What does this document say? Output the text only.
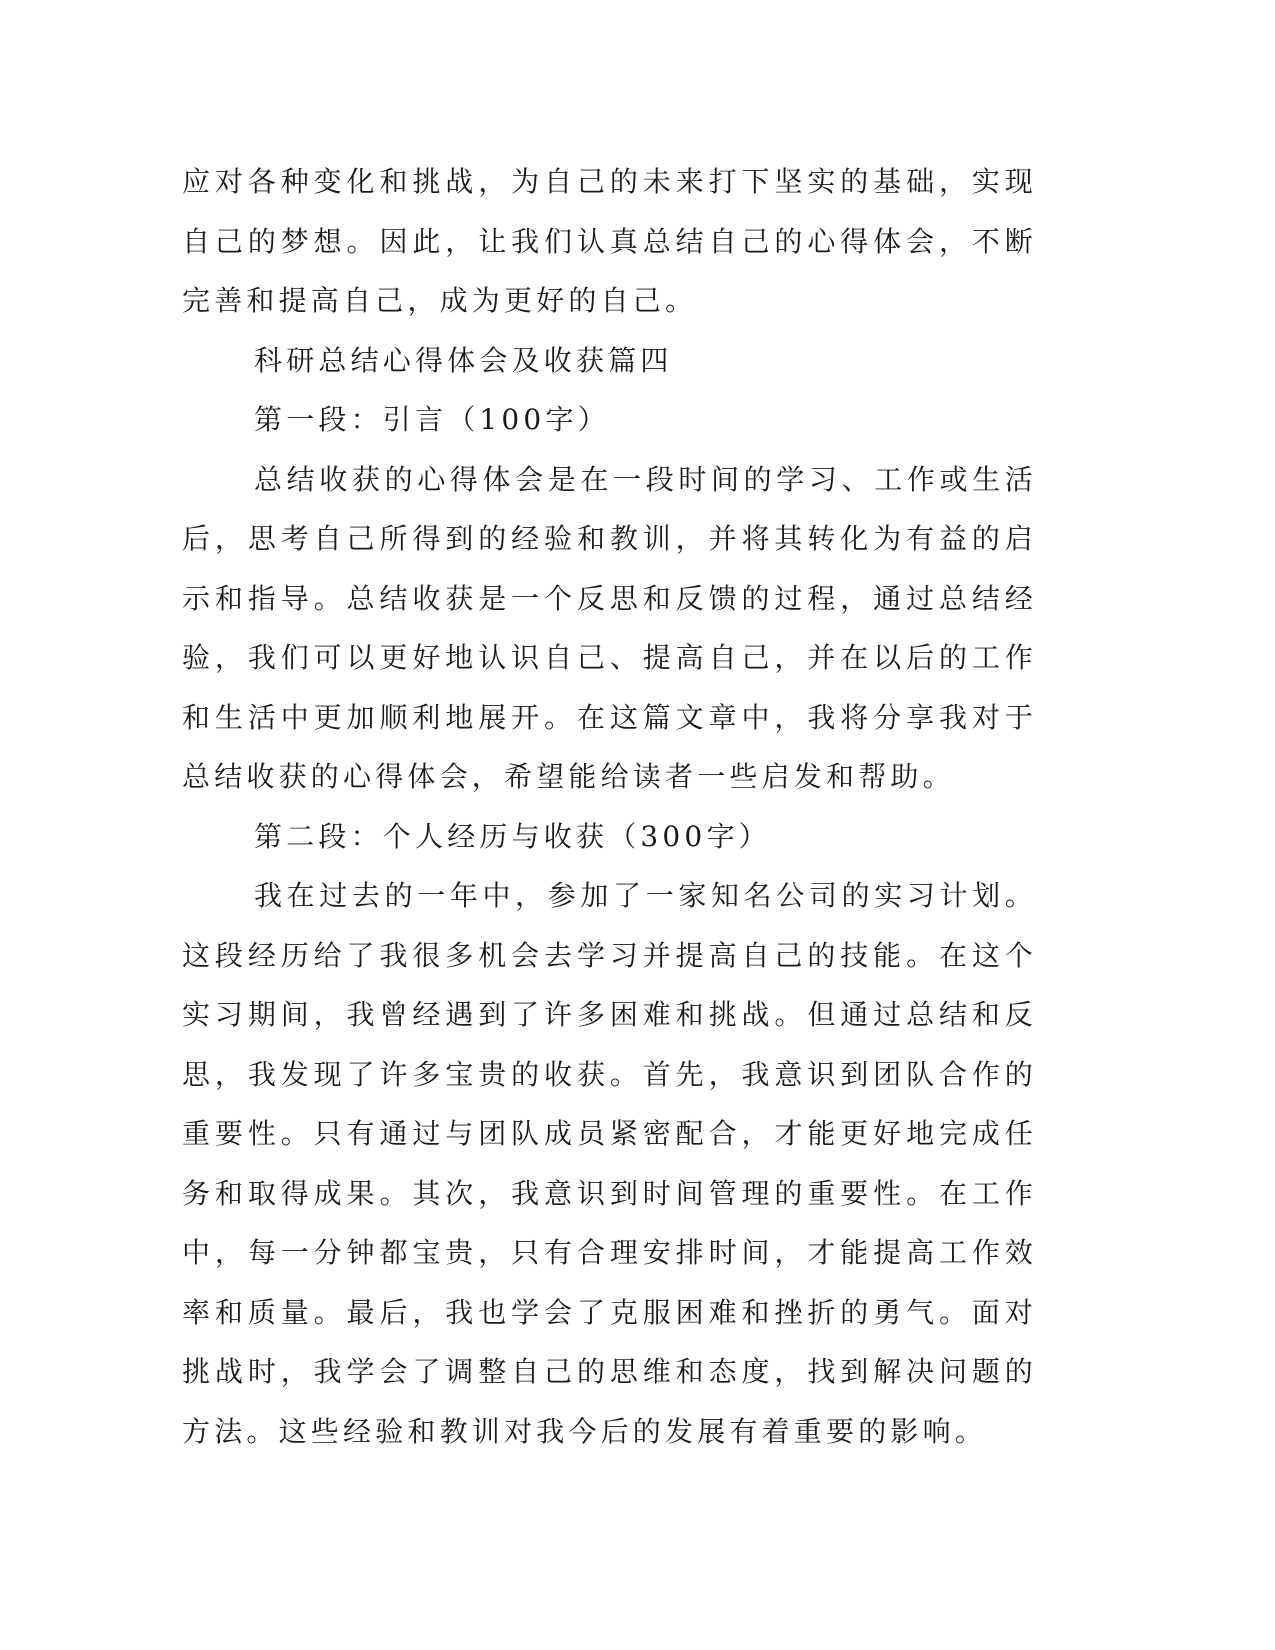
应对各种变化和挑战，为自己的未来打下坚实的基础，实现自己的梦想。因此，让我们认真总结自己的心得体会，不断完善和提高自己，成为更好的自己。

科研总结心得体会及收获篇四

第一段：引言（100字）

总结收获的心得体会是在一段时间的学习、工作或生活后，思考自己所得到的经验和教训，并将其转化为有益的启示和指导。总结收获是一个反思和反馈的过程，通过总结经验，我们可以更好地认识自己、提高自己，并在以后的工作和生活中更加顺利地展开。在这篇文章中，我将分享我对于总结收获的心得体会，希望能给读者一些启发和帮助。

第二段：个人经历与收获（300字）

我在过去的一年中，参加了一家知名公司的实习计划。这段经历给了我很多机会去学习并提高自己的技能。在这个实习期间，我曾经遇到了许多困难和挑战。但通过总结和反思，我发现了许多宝贵的收获。首先，我意识到团队合作的重要性。只有通过与团队成员紧密配合，才能更好地完成任务和取得成果。其次，我意识到时间管理的重要性。在工作中，每一分钟都宝贵，只有合理安排时间，才能提高工作效率和质量。最后，我也学会了克服困难和挫折的勇气。面对挑战时，我学会了调整自己的思维和态度，找到解决问题的方法。这些经验和教训对我今后的发展有着重要的影响。
